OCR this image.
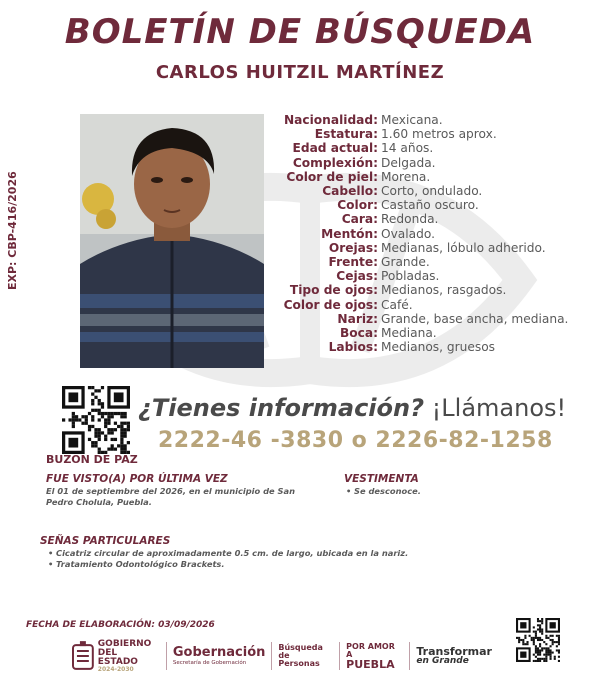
BOLETÍN DE BÚSQUEDA
CARLOS HUITZIL MARTÍNEZ
EXP: CBP-416/2026
Nacionalidad: Mexicana.
Estatura: 1.60 metros aprox.
Edad actual: 14 años.
Complexión: Delgada.
Color de piel: Morena.
Cabello: Corto, ondulado.
Color: Castaño oscuro.
Cara: Redonda.
Mentón: Ovalado.
Orejas: Medianas, lóbulo adherido.
Frente: Grande.
Cejas: Pobladas.
Tipo de ojos: Medianos, rasgados.
Color de ojos: Café.
Nariz: Grande, base ancha, mediana.
Boca: Mediana.
Labios: Medianos, gruesos
BUZON DE PAZ
¿Tienes información? ¡Llámanos!
2222-46 -3830 o 2226-82-1258
FUE VISTO(A) POR ÚLTIMA VEZ
El 01 de septiembre del 2026, en el municipio de San Pedro Cholula, Puebla.
VESTIMENTA
• Se desconoce.
SEÑAS PARTICULARES
• Cicatriz circular de aproximadamente 0.5 cm. de largo, ubicada en la nariz.
• Tratamiento Odontológico Brackets.
FECHA DE ELABORACIÓN: 03/09/2026
GOBIERNO
DEL ESTADO
2024-2030
Gobernación
Secretaría de Gobernación
Búsqueda
de Personas
POR AMOR A
PUEBLA
Transformar
en Grande
